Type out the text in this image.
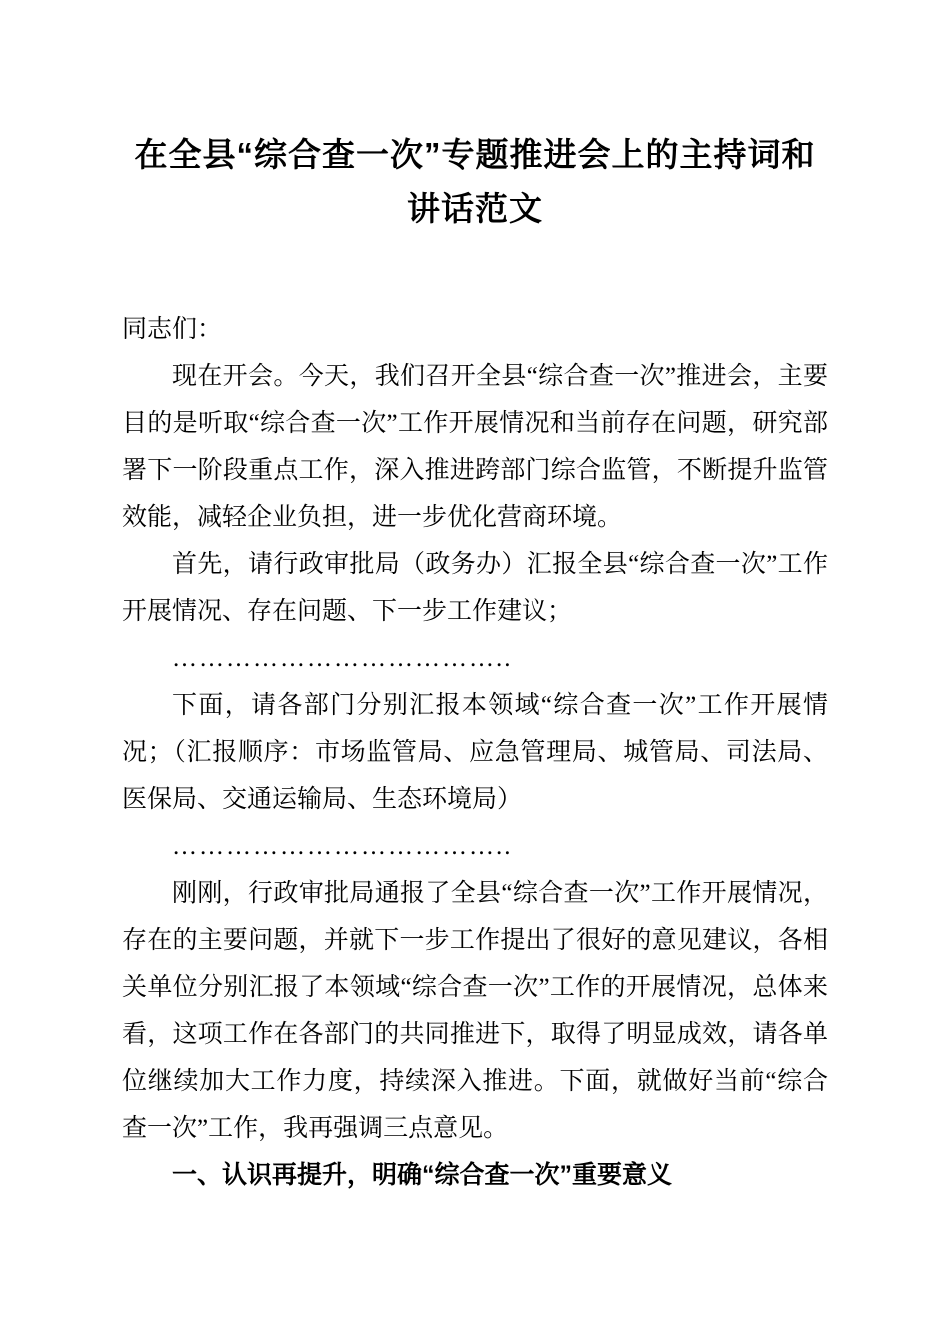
在全县“综合查一次”专题推进会上的主持词和讲话范文

同志们：

现在开会。今天，我们召开全县“综合查一次”推进会，主要目的是听取“综合查一次”工作开展情况和当前存在问题，研究部署下一阶段重点工作，深入推进跨部门综合监管，不断提升监管效能，减轻企业负担，进一步优化营商环境。

首先，请行政审批局（政务办）汇报全县“综合查一次”工作开展情况、存在问题、下一步工作建议；

………………………………..

下面，请各部门分别汇报本领域“综合查一次”工作开展情况；（汇报顺序：市场监管局、应急管理局、城管局、司法局、医保局、交通运输局、生态环境局）

………………………………..

刚刚，行政审批局通报了全县“综合查一次”工作开展情况，存在的主要问题，并就下一步工作提出了很好的意见建议，各相关单位分别汇报了本领域“综合查一次”工作的开展情况，总体来看，这项工作在各部门的共同推进下，取得了明显成效，请各单位继续加大工作力度，持续深入推进。下面，就做好当前“综合查一次”工作，我再强调三点意见。

一、认识再提升，明确“综合查一次”重要意义
